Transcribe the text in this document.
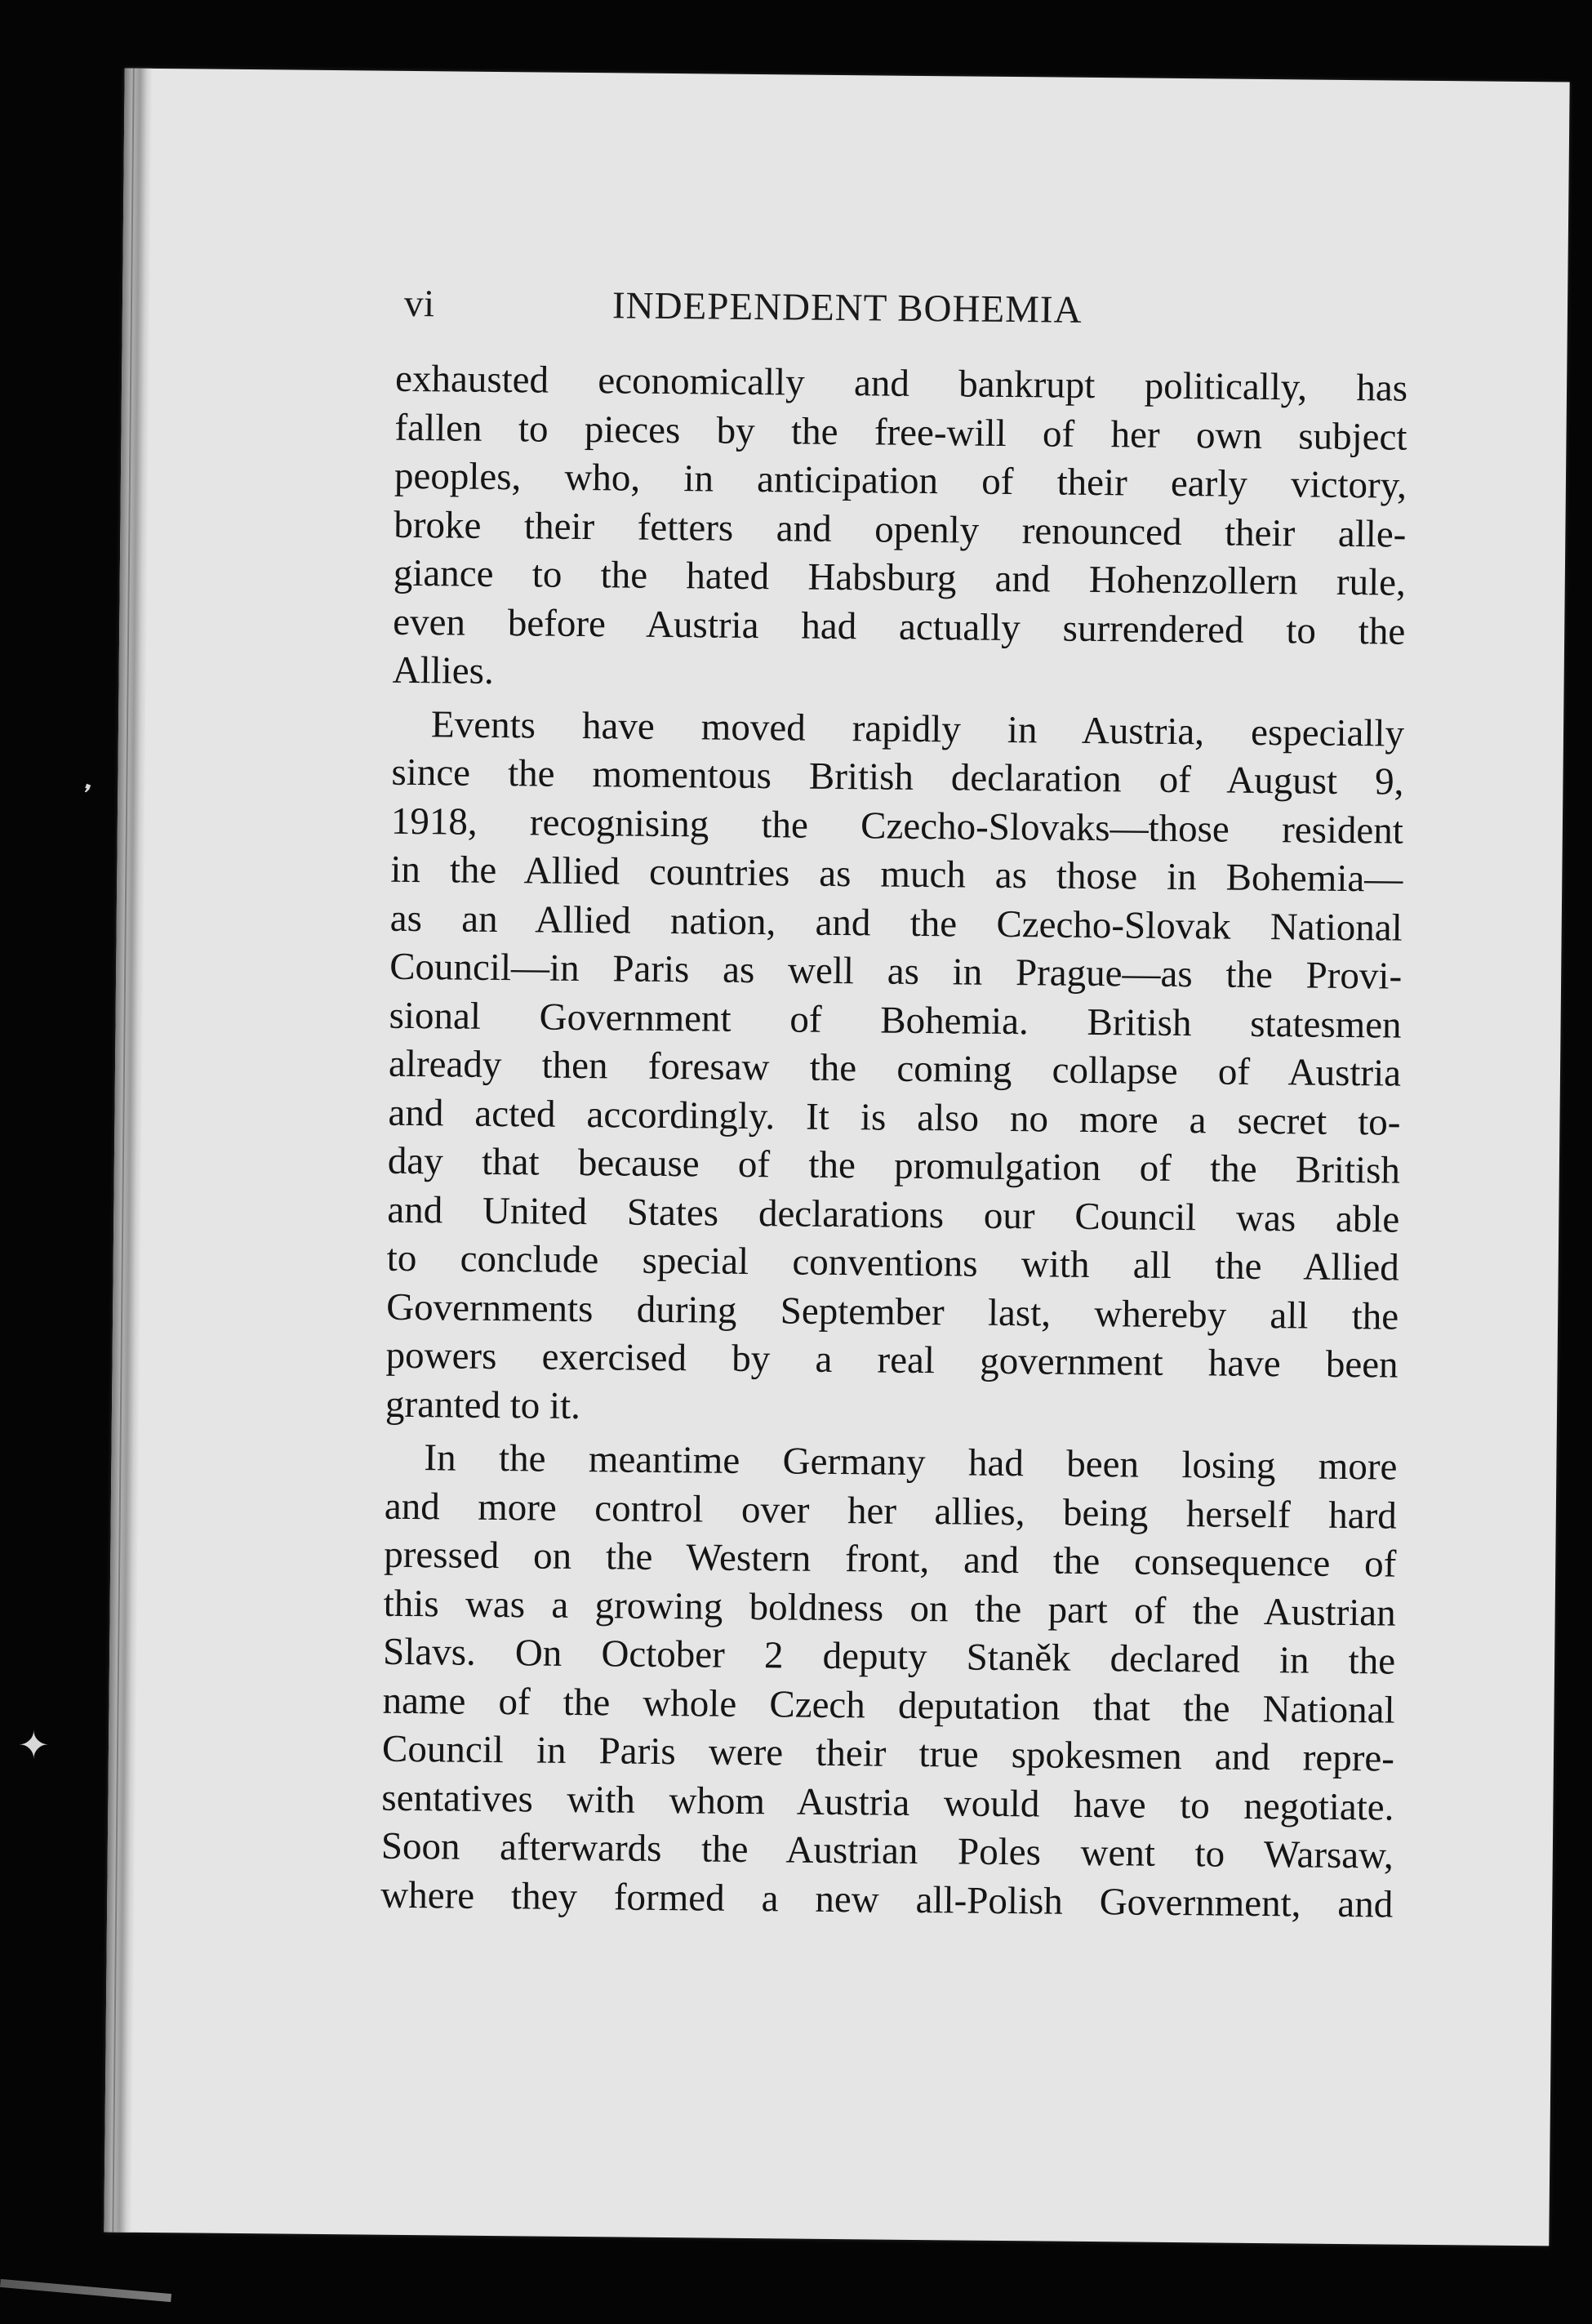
vi	INDEPENDENT BOHEMIA
exhausted economically and bankrupt politically, has
fallen to pieces by the free-will of her own subject
peoples, who, in anticipation of their early victory,
broke their fetters and openly renounced their alle-
giance to the hated Habsburg and Hohenzollern rule,
even before Austria had actually surrendered to the
Allies.
Events have moved rapidly in Austria, especially
since the momentous British declaration of August 9,
1918, recognising the Czecho-Slovaks—those resident
in the Allied countries as much as those in Bohemia—
as an Allied nation, and the Czecho-Slovak National
Council—in Paris as well as in Prague—as the Provi-
sional Government of Bohemia. British statesmen
already then foresaw the coming collapse of Austria
and acted accordingly. It is also no more a secret to-
day that because of the promulgation of the British
and United States declarations our Council was able
to conclude special conventions with all the Allied
Governments during September last, whereby all the
powers exercised by a real government have been
granted to it.
In the meantime Germany had been losing more
and more control over her allies, being herself hard
pressed on the Western front, and the consequence of
this was a growing boldness on the part of the Austrian
Slavs. On October 2 deputy Staněk declared in the
name of the whole Czech deputation that the National
Council in Paris were their true spokesmen and repre-
sentatives with whom Austria would have to negotiate.
Soon afterwards the Austrian Poles went to Warsaw,
where they formed a new all-Polish Government, and
❜
✦
